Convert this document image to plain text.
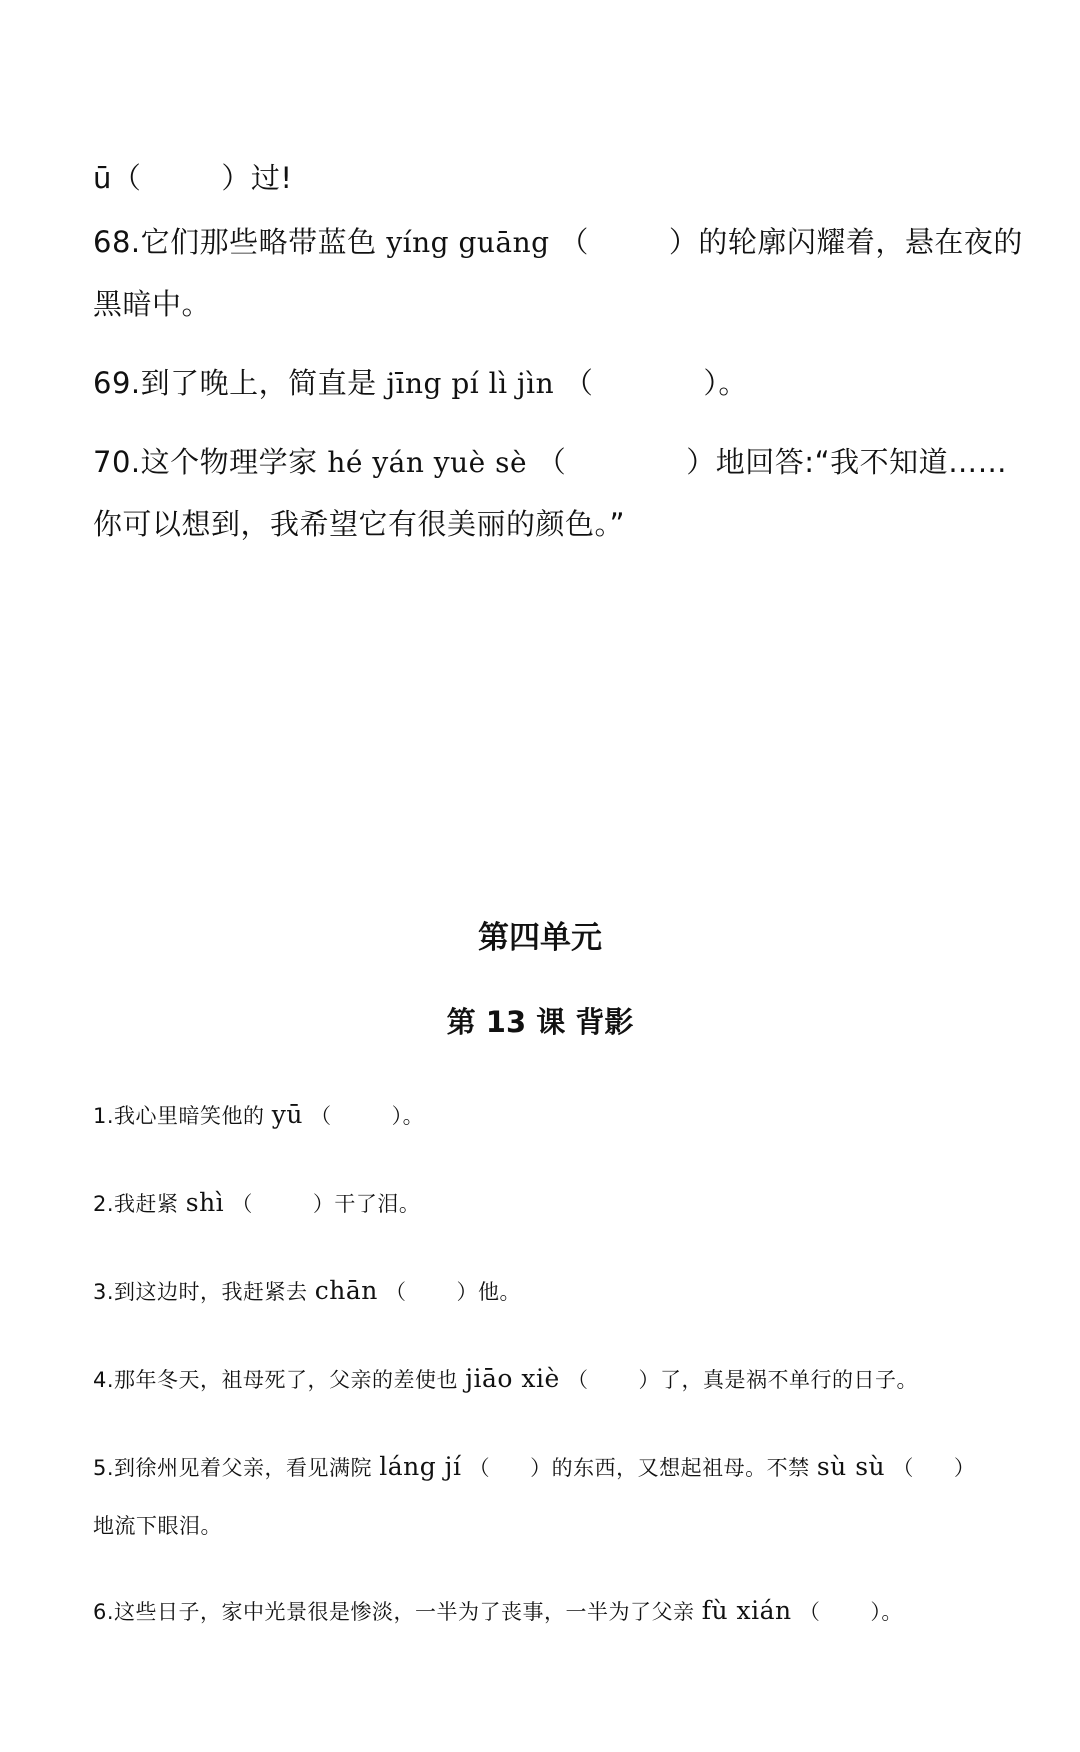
ū（	）过!
68.它们那些略带蓝色 yíng guāng （	）的轮廓闪耀着，悬在夜的
黑暗中。
69.到了晚上，简直是 jīng pí lì jìn （	）。
70.这个物理学家 hé yán yuè sè （	）地回答:“我不知道……
你可以想到，我希望它有很美丽的颜色。”
第四单元
第 13 课 背影
1.我心里暗笑他的 yū （	）。
2.我赶紧 shì （	）干了泪。
3.到这边时，我赶紧去 chān （ ）他。
4.那年冬天，祖母死了，父亲的差使也 jiāo xiè （ ）了，真是祸不单行的日子。
5.到徐州见着父亲，看见满院 láng jí （ ）的东西，又想起祖母。不禁 sù sù （ ）
地流下眼泪。
6.这些日子，家中光景很是惨淡，一半为了丧事，一半为了父亲 fù xián （ ）。
